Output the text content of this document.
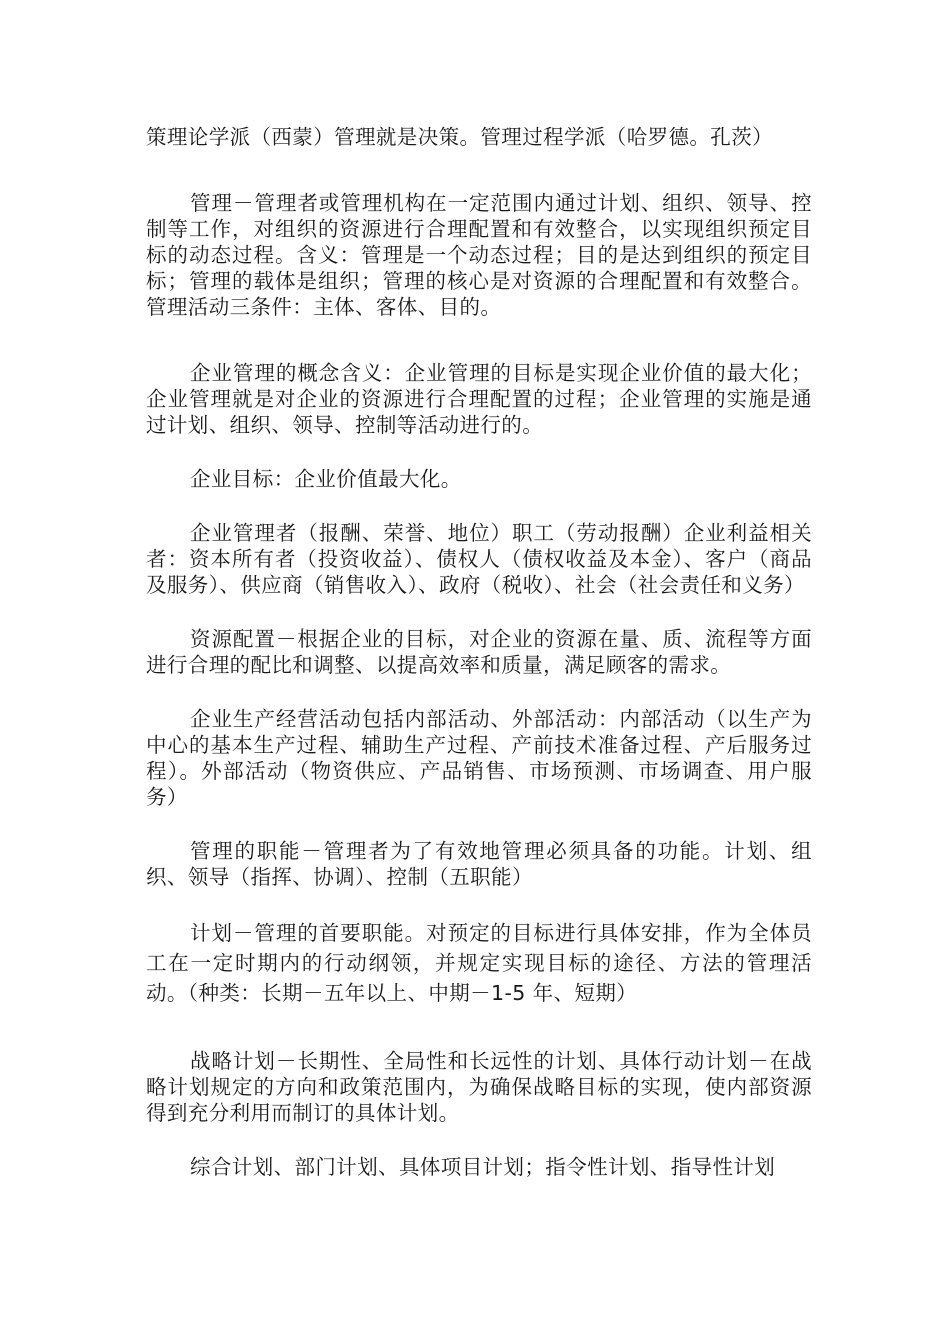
策理论学派（西蒙）管理就是决策。管理过程学派（哈罗德。孔茨）

管理－管理者或管理机构在一定范围内通过计划、组织、领导、控制等工作，对组织的资源进行合理配置和有效整合，以实现组织预定目标的动态过程。含义：管理是一个动态过程；目的是达到组织的预定目标；管理的载体是组织；管理的核心是对资源的合理配置和有效整合。管理活动三条件：主体、客体、目的。

企业管理的概念含义：企业管理的目标是实现企业价值的最大化；企业管理就是对企业的资源进行合理配置的过程；企业管理的实施是通过计划、组织、领导、控制等活动进行的。

企业目标：企业价值最大化。

企业管理者（报酬、荣誉、地位）职工（劳动报酬）企业利益相关者：资本所有者（投资收益）、债权人（债权收益及本金）、客户（商品及服务）、供应商（销售收入）、政府（税收）、社会（社会责任和义务）

资源配置－根据企业的目标，对企业的资源在量、质、流程等方面进行合理的配比和调整、以提高效率和质量，满足顾客的需求。

企业生产经营活动包括内部活动、外部活动：内部活动（以生产为中心的基本生产过程、辅助生产过程、产前技术准备过程、产后服务过程）。外部活动（物资供应、产品销售、市场预测、市场调查、用户服务）

管理的职能－管理者为了有效地管理必须具备的功能。计划、组织、领导（指挥、协调）、控制（五职能）

计划－管理的首要职能。对预定的目标进行具体安排，作为全体员工在一定时期内的行动纲领，并规定实现目标的途径、方法的管理活动。（种类：长期－五年以上、中期－1-5 年、短期）

战略计划－长期性、全局性和长远性的计划、具体行动计划－在战略计划规定的方向和政策范围内，为确保战略目标的实现，使内部资源得到充分利用而制订的具体计划。

综合计划、部门计划、具体项目计划；指令性计划、指导性计划
